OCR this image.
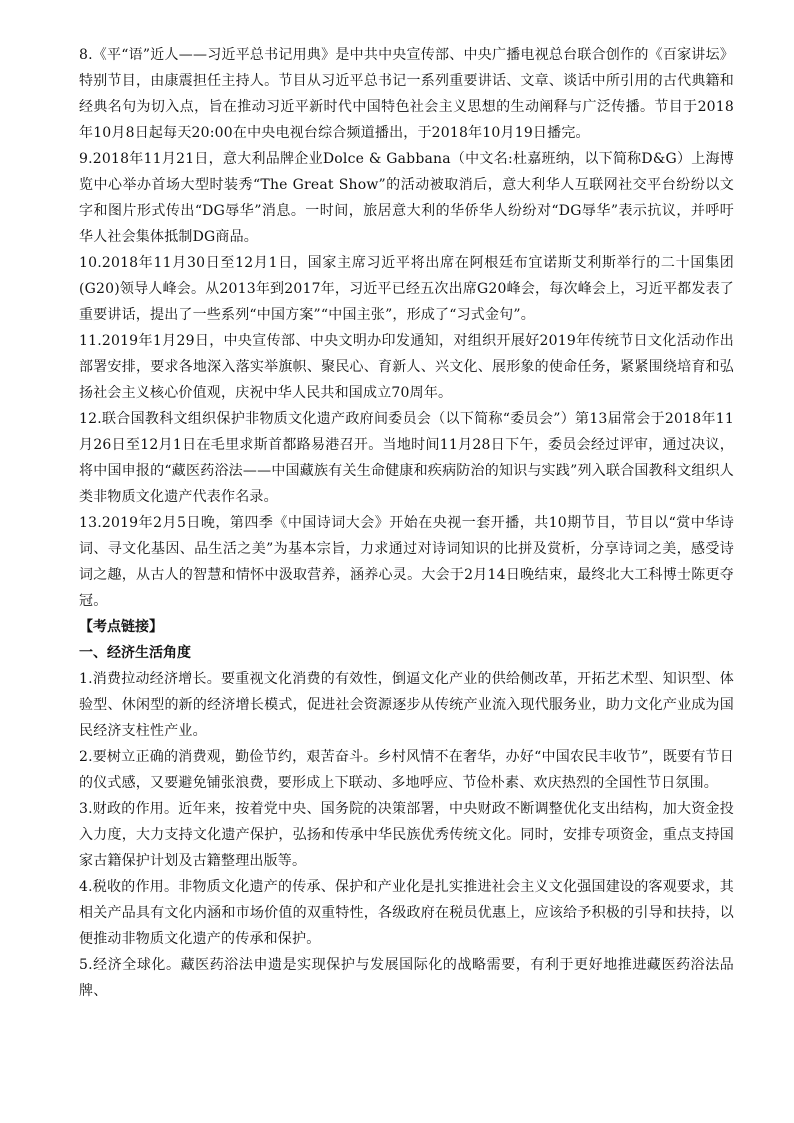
8.《平“语”近人——习近平总书记用典》是中共中央宣传部、中央广播电视总台联合创作的《百家讲坛》特别节目，由康震担任主持人。节目从习近平总书记一系列重要讲话、文章、谈话中所引用的古代典籍和经典名句为切入点，旨在推动习近平新时代中国特色社会主义思想的生动阐释与广泛传播。节目于2018年10月8日起每天20:00在中央电视台综合频道播出，于2018年10月19日播完。

9.2018年11月21日，意大利品牌企业Dolce & Gabbana（中文名:杜嘉班纳，以下简称D&G）上海博览中心举办首场大型时装秀“The Great Show”的活动被取消后，意大利华人互联网社交平台纷纷以文字和图片形式传出“DG辱华”消息。一时间，旅居意大利的华侨华人纷纷对“DG辱华”表示抗议，并呼吁华人社会集体抵制DG商品。

10.2018年11月30日至12月1日，国家主席习近平将出席在阿根廷布宜诺斯艾利斯举行的二十国集团(G20)领导人峰会。从2013年到2017年，习近平已经五次出席G20峰会，每次峰会上，习近平都发表了重要讲话，提出了一些系列“中国方案”“中国主张”，形成了“习式金句”。

11.2019年1月29日，中央宣传部、中央文明办印发通知，对组织开展好2019年传统节日文化活动作出部署安排，要求各地深入落实举旗帜、聚民心、育新人、兴文化、展形象的使命任务，紧紧围绕培育和弘扬社会主义核心价值观，庆祝中华人民共和国成立70周年。

12.联合国教科文组织保护非物质文化遗产政府间委员会（以下简称“委员会”）第13届常会于2018年11月26日至12月1日在毛里求斯首都路易港召开。当地时间11月28日下午，委员会经过评审，通过决议，将中国申报的“藏医药浴法——中国藏族有关生命健康和疾病防治的知识与实践”列入联合国教科文组织人类非物质文化遗产代表作名录。

13.2019年2月5日晚，第四季《中国诗词大会》开始在央视一套开播，共10期节目，节目以“赏中华诗词、寻文化基因、品生活之美”为基本宗旨，力求通过对诗词知识的比拼及赏析，分享诗词之美，感受诗词之趣，从古人的智慧和情怀中汲取营养，涵养心灵。大会于2月14日晚结束，最终北大工科博士陈更夺冠。

【考点链接】

一、经济生活角度

1.消费拉动经济增长。要重视文化消费的有效性，倒逼文化产业的供给侧改革，开拓艺术型、知识型、体验型、休闲型的新的经济增长模式，促进社会资源逐步从传统产业流入现代服务业，助力文化产业成为国民经济支柱性产业。

2.要树立正确的消费观，勤俭节约，艰苦奋斗。乡村风情不在奢华，办好“中国农民丰收节”，既要有节日的仪式感，又要避免铺张浪费，要形成上下联动、多地呼应、节俭朴素、欢庆热烈的全国性节日氛围。

3.财政的作用。近年来，按着党中央、国务院的决策部署，中央财政不断调整优化支出结构，加大资金投入力度，大力支持文化遗产保护，弘扬和传承中华民族优秀传统文化。同时，安排专项资金，重点支持国家古籍保护计划及古籍整理出版等。

4.税收的作用。非物质文化遗产的传承、保护和产业化是扎实推进社会主义文化强国建设的客观要求，其相关产品具有文化内涵和市场价值的双重特性，各级政府在税员优惠上，应该给予积极的引导和扶持，以便推动非物质文化遗产的传承和保护。

5.经济全球化。藏医药浴法申遗是实现保护与发展国际化的战略需要，有利于更好地推进藏医药浴法品牌、
